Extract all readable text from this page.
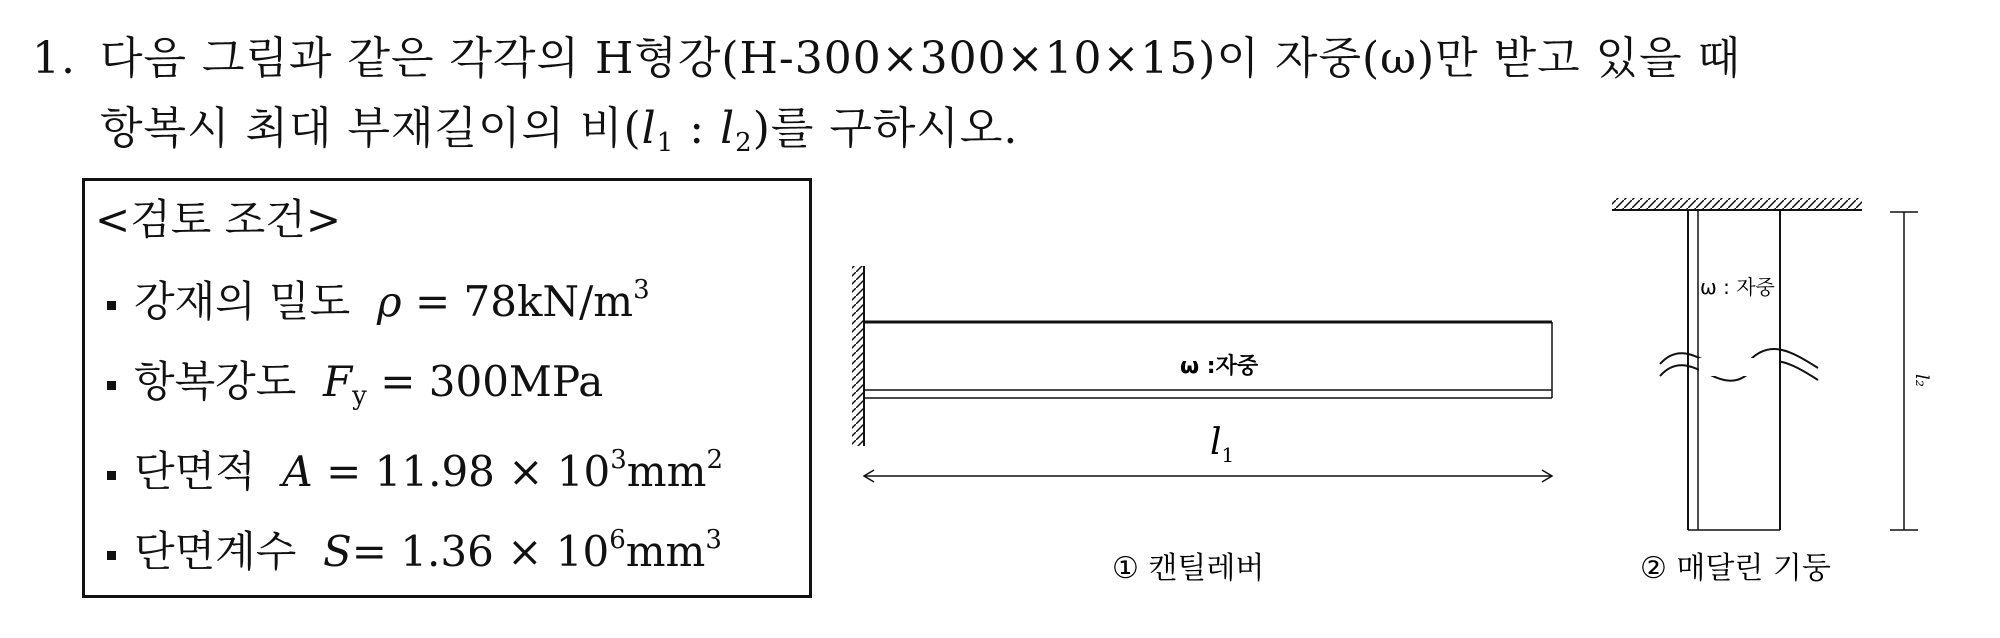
1. 다음 그림과 같은 각각의 H형강(H-300×300×10×15)이 자중(ω)만 받고 있을 때
항복시 최대 부재길이의 비($l_1$ : $l_2$)를 구하시오.
<검토 조건>
강재의 밀도 $\rho = 78kN/m^3$
항복강도 $F_y = 300MPa$
단면적 $A = 11.98 \times 10^3mm^2$
단면계수 $S= 1.36 \times 10^6mm^3$
ω :자중
$l_1$
① 캔틸레버
ω : 자중
l₂
② 매달린 기둥
